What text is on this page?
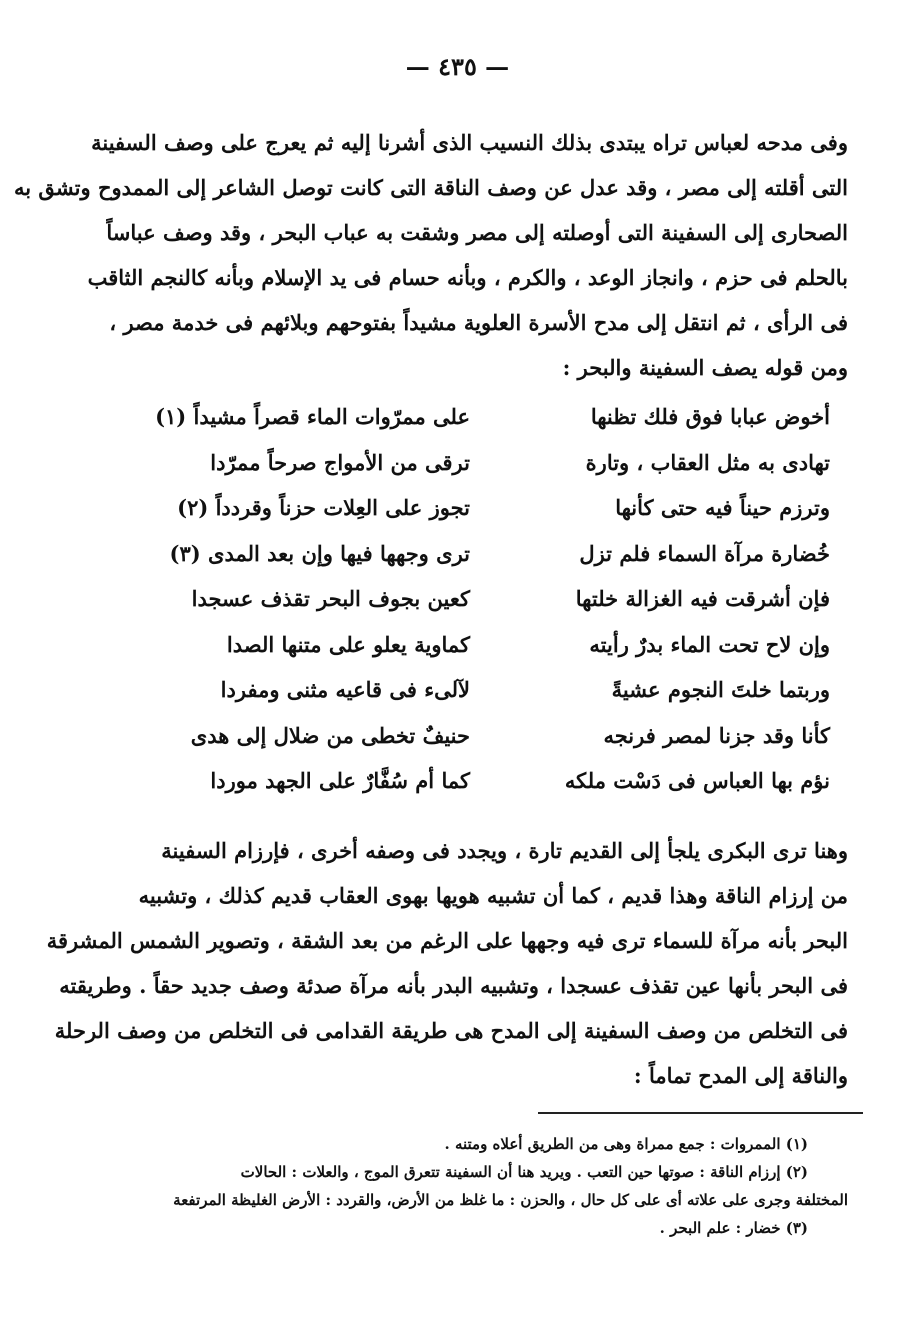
— ٤٣٥ —
وفى مدحه لعباس تراه يبتدى بذلك النسيب الذى أشرنا إليه ثم يعرج على وصف السفينة
التى أقلته إلى مصر ، وقد عدل عن وصف الناقة التى كانت توصل الشاعر إلى الممدوح وتشق به
الصحارى إلى السفينة التى أوصلته إلى مصر وشقت به عباب البحر ، وقد وصف عباساً
بالحلم فى حزم ، وانجاز الوعد ، والكرم ، وبأنه حسام فى يد الإسلام وبأنه كالنجم الثاقب
فى الرأى ، ثم انتقل إلى مدح الأسرة العلوية مشيداً بفتوحهم وبلائهم فى خدمة مصر ،
ومن قوله يصف السفينة والبحر :
أخوض عبابا فوق فلك تظنها
على ممرّوات الماء قصراً مشيداً (١)
تهادى به مثل العقاب ، وتارة
ترقى من الأمواج صرحاً ممرّدا
وترزم حيناً فيه حتى كأنها
تجوز على العِلات حزناً وقردداً (٢)
خُضارة مرآة السماء فلم تزل
ترى وجهها فيها وإن بعد المدى (٣)
فإن أشرقت فيه الغزالة خلتها
كعين بجوف البحر تقذف عسجدا
وإن لاح تحت الماء بدرٌ رأيته
كماوية يعلو على متنها الصدا
وربتما خلتَ النجوم عشيةً
لآلىء فى قاعيه مثنى ومفردا
كأنا وقد جزنا لمصر فرنجه
حنيفٌ تخطى من ضلال إلى هدى
نؤم بها العباس فى دَسْت ملكه
كما أم سُفَّارٌ على الجهد موردا
وهنا ترى البكرى يلجأ إلى القديم تارة ، ويجدد فى وصفه أخرى ، فإرزام السفينة
من إرزام الناقة وهذا قديم ، كما أن تشبيه هويها بهوى العقاب قديم كذلك ، وتشبيه
البحر بأنه مرآة للسماء ترى فيه وجهها على الرغم من بعد الشقة ، وتصوير الشمس المشرقة
فى البحر بأنها عين تقذف عسجدا ، وتشبيه البدر بأنه مرآة صدئة وصف جديد حقاً . وطريقته
فى التخلص من وصف السفينة إلى المدح هى طريقة القدامى فى التخلص من وصف الرحلة
والناقة إلى المدح تماماً :
(١) الممروات : جمع ممراة وهى من الطريق أعلاه ومتنه .
(٢) إرزام الناقة : صوتها حين التعب . ويريد هنا أن السفينة تتعرق الموج ، والعلات : الحالات
المختلفة وجرى على علاته أى على كل حال ، والحزن : ما غلظ من الأرض، والقردد : الأرض الغليظة المرتفعة
(٣) خضار : علم البحر .
